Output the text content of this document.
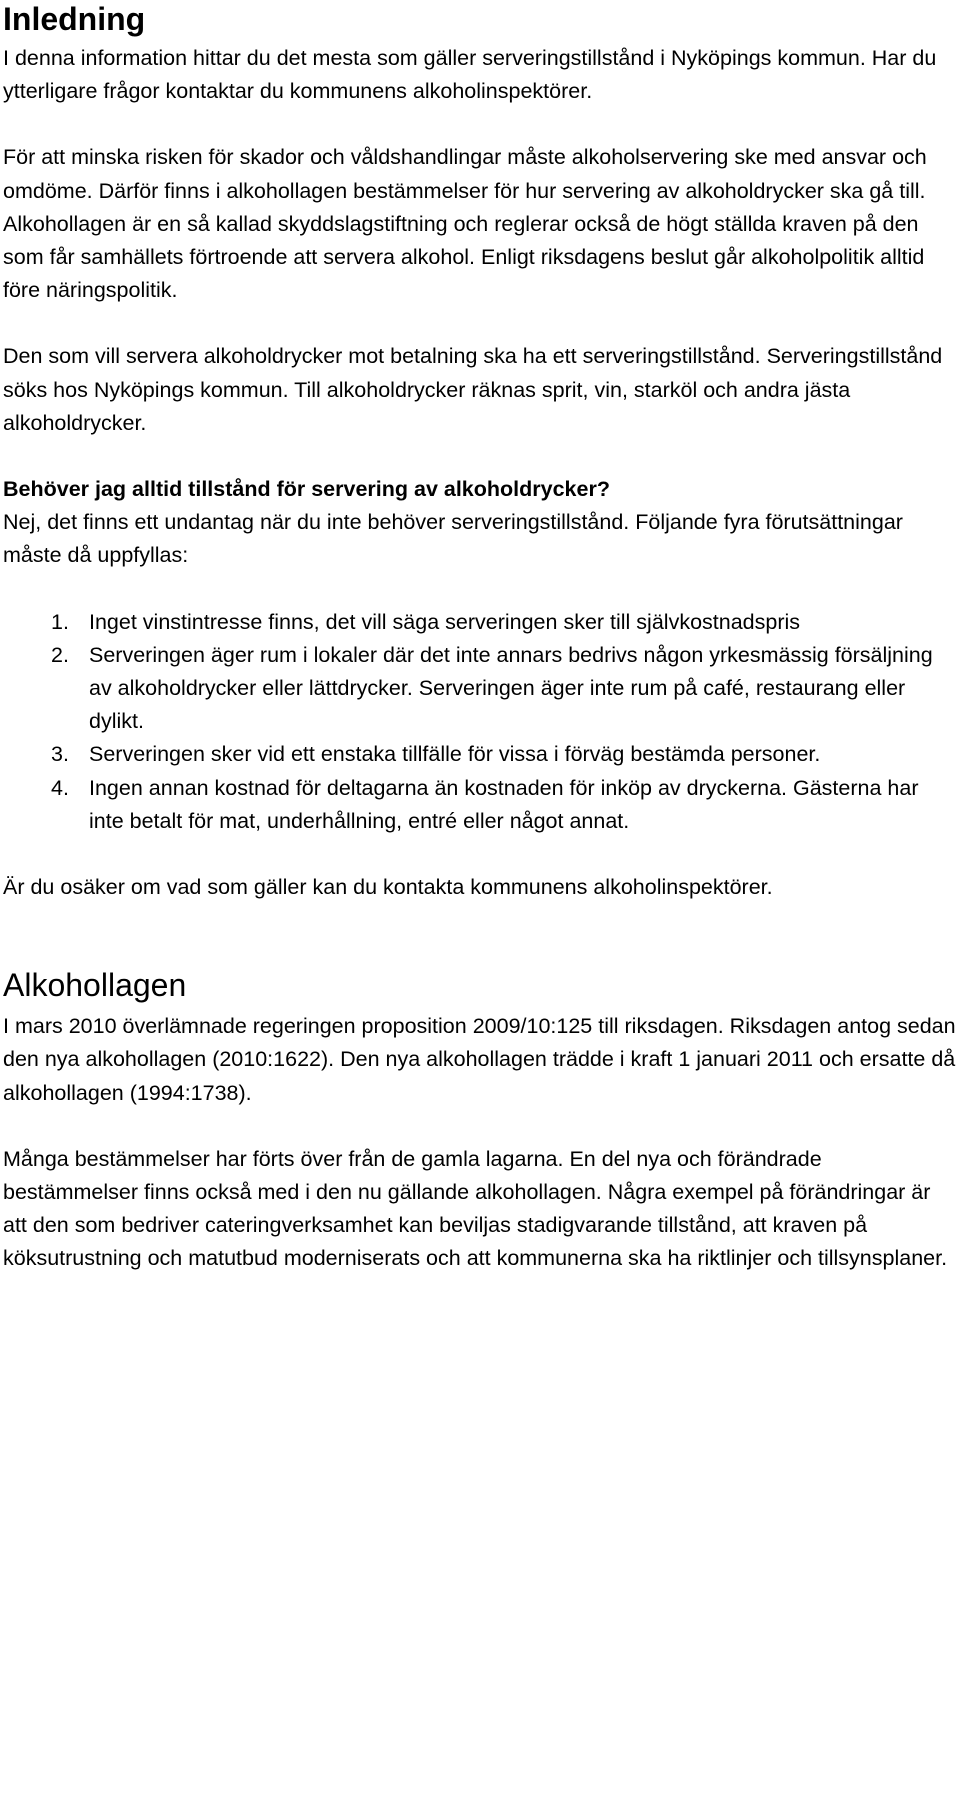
Inledning

I denna information hittar du det mesta som gäller serveringstillstånd i Nyköpings kommun. Har du ytterligare frågor kontaktar du kommunens alkoholinspektörer.

För att minska risken för skador och våldshandlingar måste alkoholservering ske med ansvar och omdöme. Därför finns i alkohollagen bestämmelser för hur servering av alkoholdrycker ska gå till. Alkohollagen är en så kallad skyddslagstiftning och reglerar också de högt ställda kraven på den som får samhällets förtroende att servera alkohol. Enligt riksdagens beslut går alkoholpolitik alltid före näringspolitik.

Den som vill servera alkoholdrycker mot betalning ska ha ett serveringstillstånd. Serveringstillstånd söks hos Nyköpings kommun. Till alkoholdrycker räknas sprit, vin, starköl och andra jästa alkoholdrycker.

Behöver jag alltid tillstånd för servering av alkoholdrycker?

Nej, det finns ett undantag när du inte behöver serveringstillstånd. Följande fyra förutsättningar måste då uppfyllas:

1. Inget vinstintresse finns, det vill säga serveringen sker till självkostnadspris
2. Serveringen äger rum i lokaler där det inte annars bedrivs någon yrkesmässig försäljning av alkoholdrycker eller lättdrycker. Serveringen äger inte rum på café, restaurang eller dylikt.
3. Serveringen sker vid ett enstaka tillfälle för vissa i förväg bestämda personer.
4. Ingen annan kostnad för deltagarna än kostnaden för inköp av dryckerna. Gästerna har inte betalt för mat, underhållning, entré eller något annat.

Är du osäker om vad som gäller kan du kontakta kommunens alkoholinspektörer.

Alkohollagen

I mars 2010 överlämnade regeringen proposition 2009/10:125 till riksdagen. Riksdagen antog sedan den nya alkohollagen (2010:1622). Den nya alkohollagen trädde i kraft 1 januari 2011 och ersatte då alkohollagen (1994:1738).

Många bestämmelser har förts över från de gamla lagarna. En del nya och förändrade bestämmelser finns också med i den nu gällande alkohollagen. Några exempel på förändringar är att den som bedriver cateringverksamhet kan beviljas stadigvarande tillstånd, att kraven på köksutrustning och matutbud moderniserats och att kommunerna ska ha riktlinjer och tillsynsplaner.
